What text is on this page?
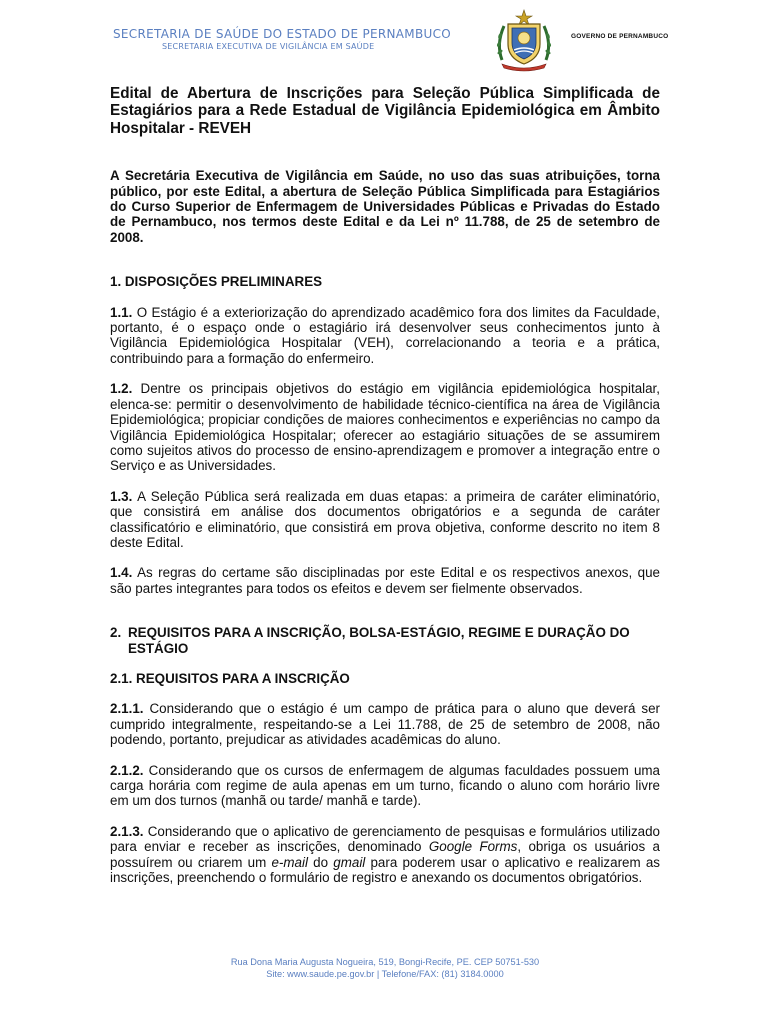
SECRETARIA DE SAÚDE DO ESTADO DE PERNAMBUCO
SECRETARIA EXECUTIVA DE VIGILÂNCIA EM SAÚDE
GOVERNO DE PERNAMBUCO

Edital de Abertura de Inscrições para Seleção Pública Simplificada de Estagiários para a Rede Estadual de Vigilância Epidemiológica em Âmbito Hospitalar - REVEH

A Secretária Executiva de Vigilância em Saúde, no uso das suas atribuições, torna público, por este Edital, a abertura de Seleção Pública Simplificada para Estagiários do Curso Superior de Enfermagem de Universidades Públicas e Privadas do Estado de Pernambuco, nos termos deste Edital e da Lei nº 11.788, de 25 de setembro de 2008.

1. DISPOSIÇÕES PRELIMINARES

1.1. O Estágio é a exteriorização do aprendizado acadêmico fora dos limites da Faculdade, portanto, é o espaço onde o estagiário irá desenvolver seus conhecimentos junto à Vigilância Epidemiológica Hospitalar (VEH), correlacionando a teoria e a prática, contribuindo para a formação do enfermeiro.

1.2. Dentre os principais objetivos do estágio em vigilância epidemiológica hospitalar, elenca-se: permitir o desenvolvimento de habilidade técnico-científica na área de Vigilância Epidemiológica; propiciar condições de maiores conhecimentos e experiências no campo da Vigilância Epidemiológica Hospitalar; oferecer ao estagiário situações de se assumirem como sujeitos ativos do processo de ensino-aprendizagem e promover a integração entre o Serviço e as Universidades.

1.3. A Seleção Pública será realizada em duas etapas: a primeira de caráter eliminatório, que consistirá em análise dos documentos obrigatórios e a segunda de caráter classificatório e eliminatório, que consistirá em prova objetiva, conforme descrito no item 8 deste Edital.

1.4. As regras do certame são disciplinadas por este Edital e os respectivos anexos, que são partes integrantes para todos os efeitos e devem ser fielmente observados.

2. REQUISITOS PARA A INSCRIÇÃO, BOLSA-ESTÁGIO, REGIME E DURAÇÃO DO ESTÁGIO
2.1. REQUISITOS PARA A INSCRIÇÃO

2.1.1. Considerando que o estágio é um campo de prática para o aluno que deverá ser cumprido integralmente, respeitando-se a Lei 11.788, de 25 de setembro de 2008, não podendo, portanto, prejudicar as atividades acadêmicas do aluno.

2.1.2. Considerando que os cursos de enfermagem de algumas faculdades possuem uma carga horária com regime de aula apenas em um turno, ficando o aluno com horário livre em um dos turnos (manhã ou tarde/ manhã e tarde).

2.1.3. Considerando que o aplicativo de gerenciamento de pesquisas e formulários utilizado para enviar e receber as inscrições, denominado Google Forms, obriga os usuários a possuírem ou criarem um e-mail do gmail para poderem usar o aplicativo e realizarem as inscrições, preenchendo o formulário de registro e anexando os documentos obrigatórios.

Rua Dona Maria Augusta Nogueira, 519, Bongi-Recife, PE. CEP 50751-530
Site: www.saude.pe.gov.br | Telefone/FAX: (81) 3184.0000
